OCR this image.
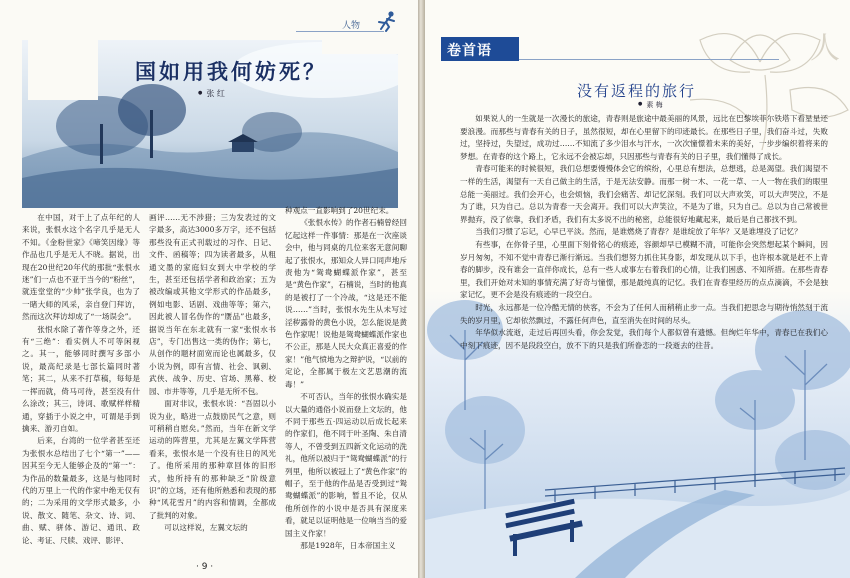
人物
国如用我何妨死？
● 张 红

在中国，对于上了点年纪的人来说，张恨水这个名字几乎是无人不知。《金粉世家》《啼笑因缘》等作品也几乎是无人不晓。据说，出现在20世纪20年代的那批“张恨水迷”们一点也不亚于当今的“粉丝”，就连堂堂的“少帅”张学良，也为了一睹大师的风采，亲自登门拜访，然而这次拜访却成了“一场误会”。

张恨水除了著作等身之外，还有“三绝”：看实例人不可等闲视之。其一，能够同时撰写多部小说，最高纪录是七部长篇同时著笔；其二，从来不打草稿，每每是一挥而就，倚马可待，甚至没有什么涂改；其三，诗词、歌赋样样精通，穿插于小说之中，可谓是手到擒来、游刃自如。

后来，台湾的一位学者甚至还为张恨水总结出了七个“第一”——因其至今无人能够企及的“第一”：为作品的数量最多，这是与他同时代的万里上一代的作家中绝无仅有的；二为采用的文学形式最多，小说、散文、随笔、杂文、诗、词、曲、赋、骈体、游记、通讯、政论、考证、尺牍、戏评、影评、

画评……无不涉猎；三为发表过的文字最多，高达3000多万字，还不包括那些没有正式刊载过的习作、日记、文件、函稿等；四为读者最多，从粗通文墨的家庭妇女到大中学校的学生，甚至还包括学者和政治家；五为被改编或其他文学形式的作品最多，例如电影、话剧、戏曲等等；第六，因此被人冒名伪作的“赝品”也最多，据说当年在东北就有一家“张恨水书店”，专门出售这一类的伪作；第七，从创作的题材面宽而论也属最多，仅小说为例，即有言情、社会、讽刺、武侠、战争、历史、官场、黑幕、校园、市井等等，几乎是无所不包。

面对非议，张恨水说：“吾固以小说为业，略进一点鼓励民气之意，则可稍稍自慰矣。”然而，当年在新文学运动的阵营里，尤其是左翼文学阵营看来，张恨水是一个没有往日的风光了。他所采用的那种章回体的旧形式，他所持有的那种缺乏“阶级意识”的立场，还有他所熟悉和表现的那种“风花雪月”的内容和情调，全都成了批判的对象。

可以这样说，左翼文坛的

种观点一直影响到了20世纪末。

《张恨水传》的作者石楠曾经回忆起这样一件事情：那是在一次座谈会中，他与同桌的几位来客无意间聊起了张恨水，那知众人异口同声地斥责他为“鸳鸯蝴蝶派作家”，甚至是“黄色作家”，石楠说，当时的他真的是被打了一个冷战，“这是还不能说……”当时，张恨水先生从未写过淫秽露骨的黄色小说，怎么能说是黄色作家呢！说他是鸳鸯蝴蝶派作家也不公正，那是人民大众真正喜爱的作家！”他气愤地为之辩护说，“以前的定论，全都属于极左文艺思潮的流毒！”

不可否认，当年的张恨水确实是以大量的通俗小说而登上文坛的，他不同于那些五·四运动以后成长起来的作家们，他不同于叶圣陶、朱自清等人，不曾受到五四新文化运动的洗礼，他所以被归于“鸳鸯蝴蝶派”的行列里，他所以被冠上了“黄色作家”的帽子，至于他的作品是否受到过“鸳鸯蝴蝶派”的影响，暂且不论，仅从他所创作的小说中是否具有深度来看，就足以证明他是一位响当当的爱国主义作家！

那是1928年，日本帝国主义

· 9 ·
人
卷首语
没有返程的旅行
● 素 梅

如果说人的一生就是一次漫长的旅途，青春则是旅途中最美丽的风景，远比在巴黎埃菲尔铁塔下看星星还要浪漫。而那些与青春有关的日子，虽然很短，却在心里留下的印迹最长。在那些日子里，我们奋斗过，失败过，坚持过，失望过，成功过……不知流了多少泪水与汗水，一次次憧憬着未来的美好，一步步编织着将来的梦想。在青春的这个路上，它永远不会被忘却，只因那些与青春有关的日子里，我们懂得了成长。

青春可能来的时候很短，我们总想要慢慢体会它的缤纷，心里总有想法，总想逃，总是渴望。我们渴望不一样的生活，渴望有一天自己做主的生活，于是无法安静。而那一树一木、一花一草、一人一物在我们的眼里总能一美丽过。我们会开心，也会烦恼，我们会痛苦、却记忆深刻。我们可以大声欢笑，可以大声哭泣，不是为了谁，只为自己。总以为青春一天会离开。我们可以大声笑泣，不是为了谁，只为自己。总以为自己常被世界抛弃，没了依靠，我们矛盾，我们有太多说不出的秘密，总能很好地藏起来，最后是自己都找不到。

当我们习惯了忘记，心早已平淡。然而，是谁燃烧了青春？是谁绽放了年华？又是谁埋没了记忆？

有些事，在你骨子里，心里面下刻骨铭心的痕迹，容颜却早已模糊不清，可能你会突然想起某个瞬间，因岁月匆匆，不知不觉中青春已渐行渐远。当我们想努力抓住其身影，却发现从以下手，也许根本就是赶不上青春的脚步，没有谁会一直伴你成长，总有一些人或事左右着我们的心情，让我们困惑、不知所措。在那些青春里，我们开始对未知的事情充满了好奇与憧憬，那是最纯真的记忆。我们在青春里经历的点点滴滴，不会是独家记忆，更不会是没有痕迹的一段空白。

时光，永远都是一位冷酷无情的侠客，不会为了任何人而稍稍止步一点。当我们把思念与期待悄然刻于流失的岁月里，它却依然飘过，不露任何声色，直至消失在时间的尽头。

年华似水流逝，走过后再回头看，你会发觉，我们每个人都似曾有遗憾。但绚烂年华中，青春已在我们心中刻下痕迹，因不是段段空白，放不下的只是我们所眷恋的一段逝去的往昔。
